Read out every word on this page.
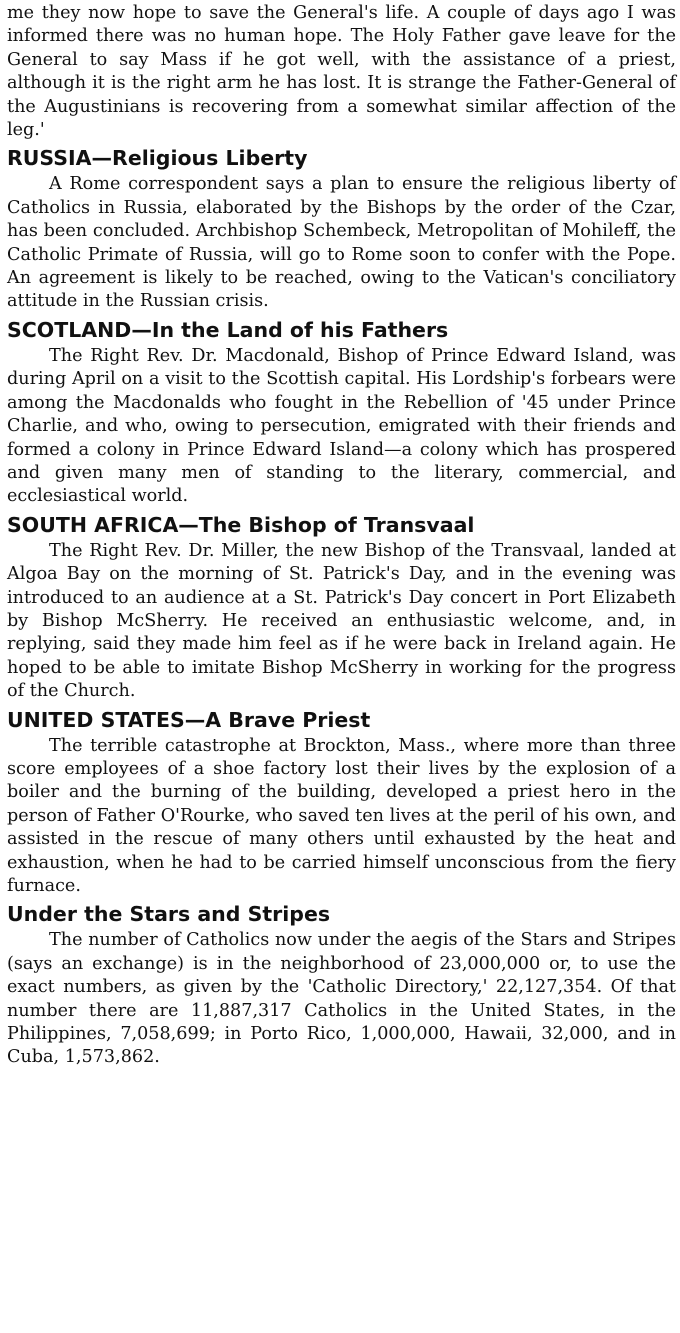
me they now hope to save the General's life. A couple of days ago I was informed there was no human hope. The Holy Father gave leave for the General to say Mass if he got well, with the assistance of a priest, although it is the right arm he has lost. It is strange the Father-General of the Augustinians is recovering from a somewhat similar affection of the leg.'

RUSSIA—Religious Liberty

A Rome correspondent says a plan to ensure the religious liberty of Catholics in Russia, elaborated by the Bishops by the order of the Czar, has been concluded. Archbishop Schembeck, Metropolitan of Mohileff, the Catholic Primate of Russia, will go to Rome soon to confer with the Pope. An agreement is likely to be reached, owing to the Vatican's conciliatory attitude in the Russian crisis.

SCOTLAND—In the Land of his Fathers

The Right Rev. Dr. Macdonald, Bishop of Prince Edward Island, was during April on a visit to the Scottish capital. His Lordship's forbears were among the Macdonalds who fought in the Rebellion of '45 under Prince Charlie, and who, owing to persecution, emigrated with their friends and formed a colony in Prince Edward Island—a colony which has prospered and given many men of standing to the literary, commercial, and ecclesiastical world.

SOUTH AFRICA—The Bishop of Transvaal

The Right Rev. Dr. Miller, the new Bishop of the Transvaal, landed at Algoa Bay on the morning of St. Patrick's Day, and in the evening was introduced to an audience at a St. Patrick's Day concert in Port Elizabeth by Bishop McSherry. He received an enthusiastic welcome, and, in replying, said they made him feel as if he were back in Ireland again. He hoped to be able to imitate Bishop McSherry in working for the progress of the Church.

UNITED STATES—A Brave Priest

The terrible catastrophe at Brockton, Mass., where more than three score employees of a shoe factory lost their lives by the explosion of a boiler and the burning of the building, developed a priest hero in the person of Father O'Rourke, who saved ten lives at the peril of his own, and assisted in the rescue of many others until exhausted by the heat and exhaustion, when he had to be carried himself unconscious from the fiery furnace.

Under the Stars and Stripes

The number of Catholics now under the aegis of the Stars and Stripes (says an exchange) is in the neighborhood of 23,000,000 or, to use the exact numbers, as given by the 'Catholic Directory,' 22,127,354. Of that number there are 11,887,317 Catholics in the United States, in the Philippines, 7,058,699; in Porto Rico, 1,000,000, Hawaii, 32,000, and in Cuba, 1,573,862.
